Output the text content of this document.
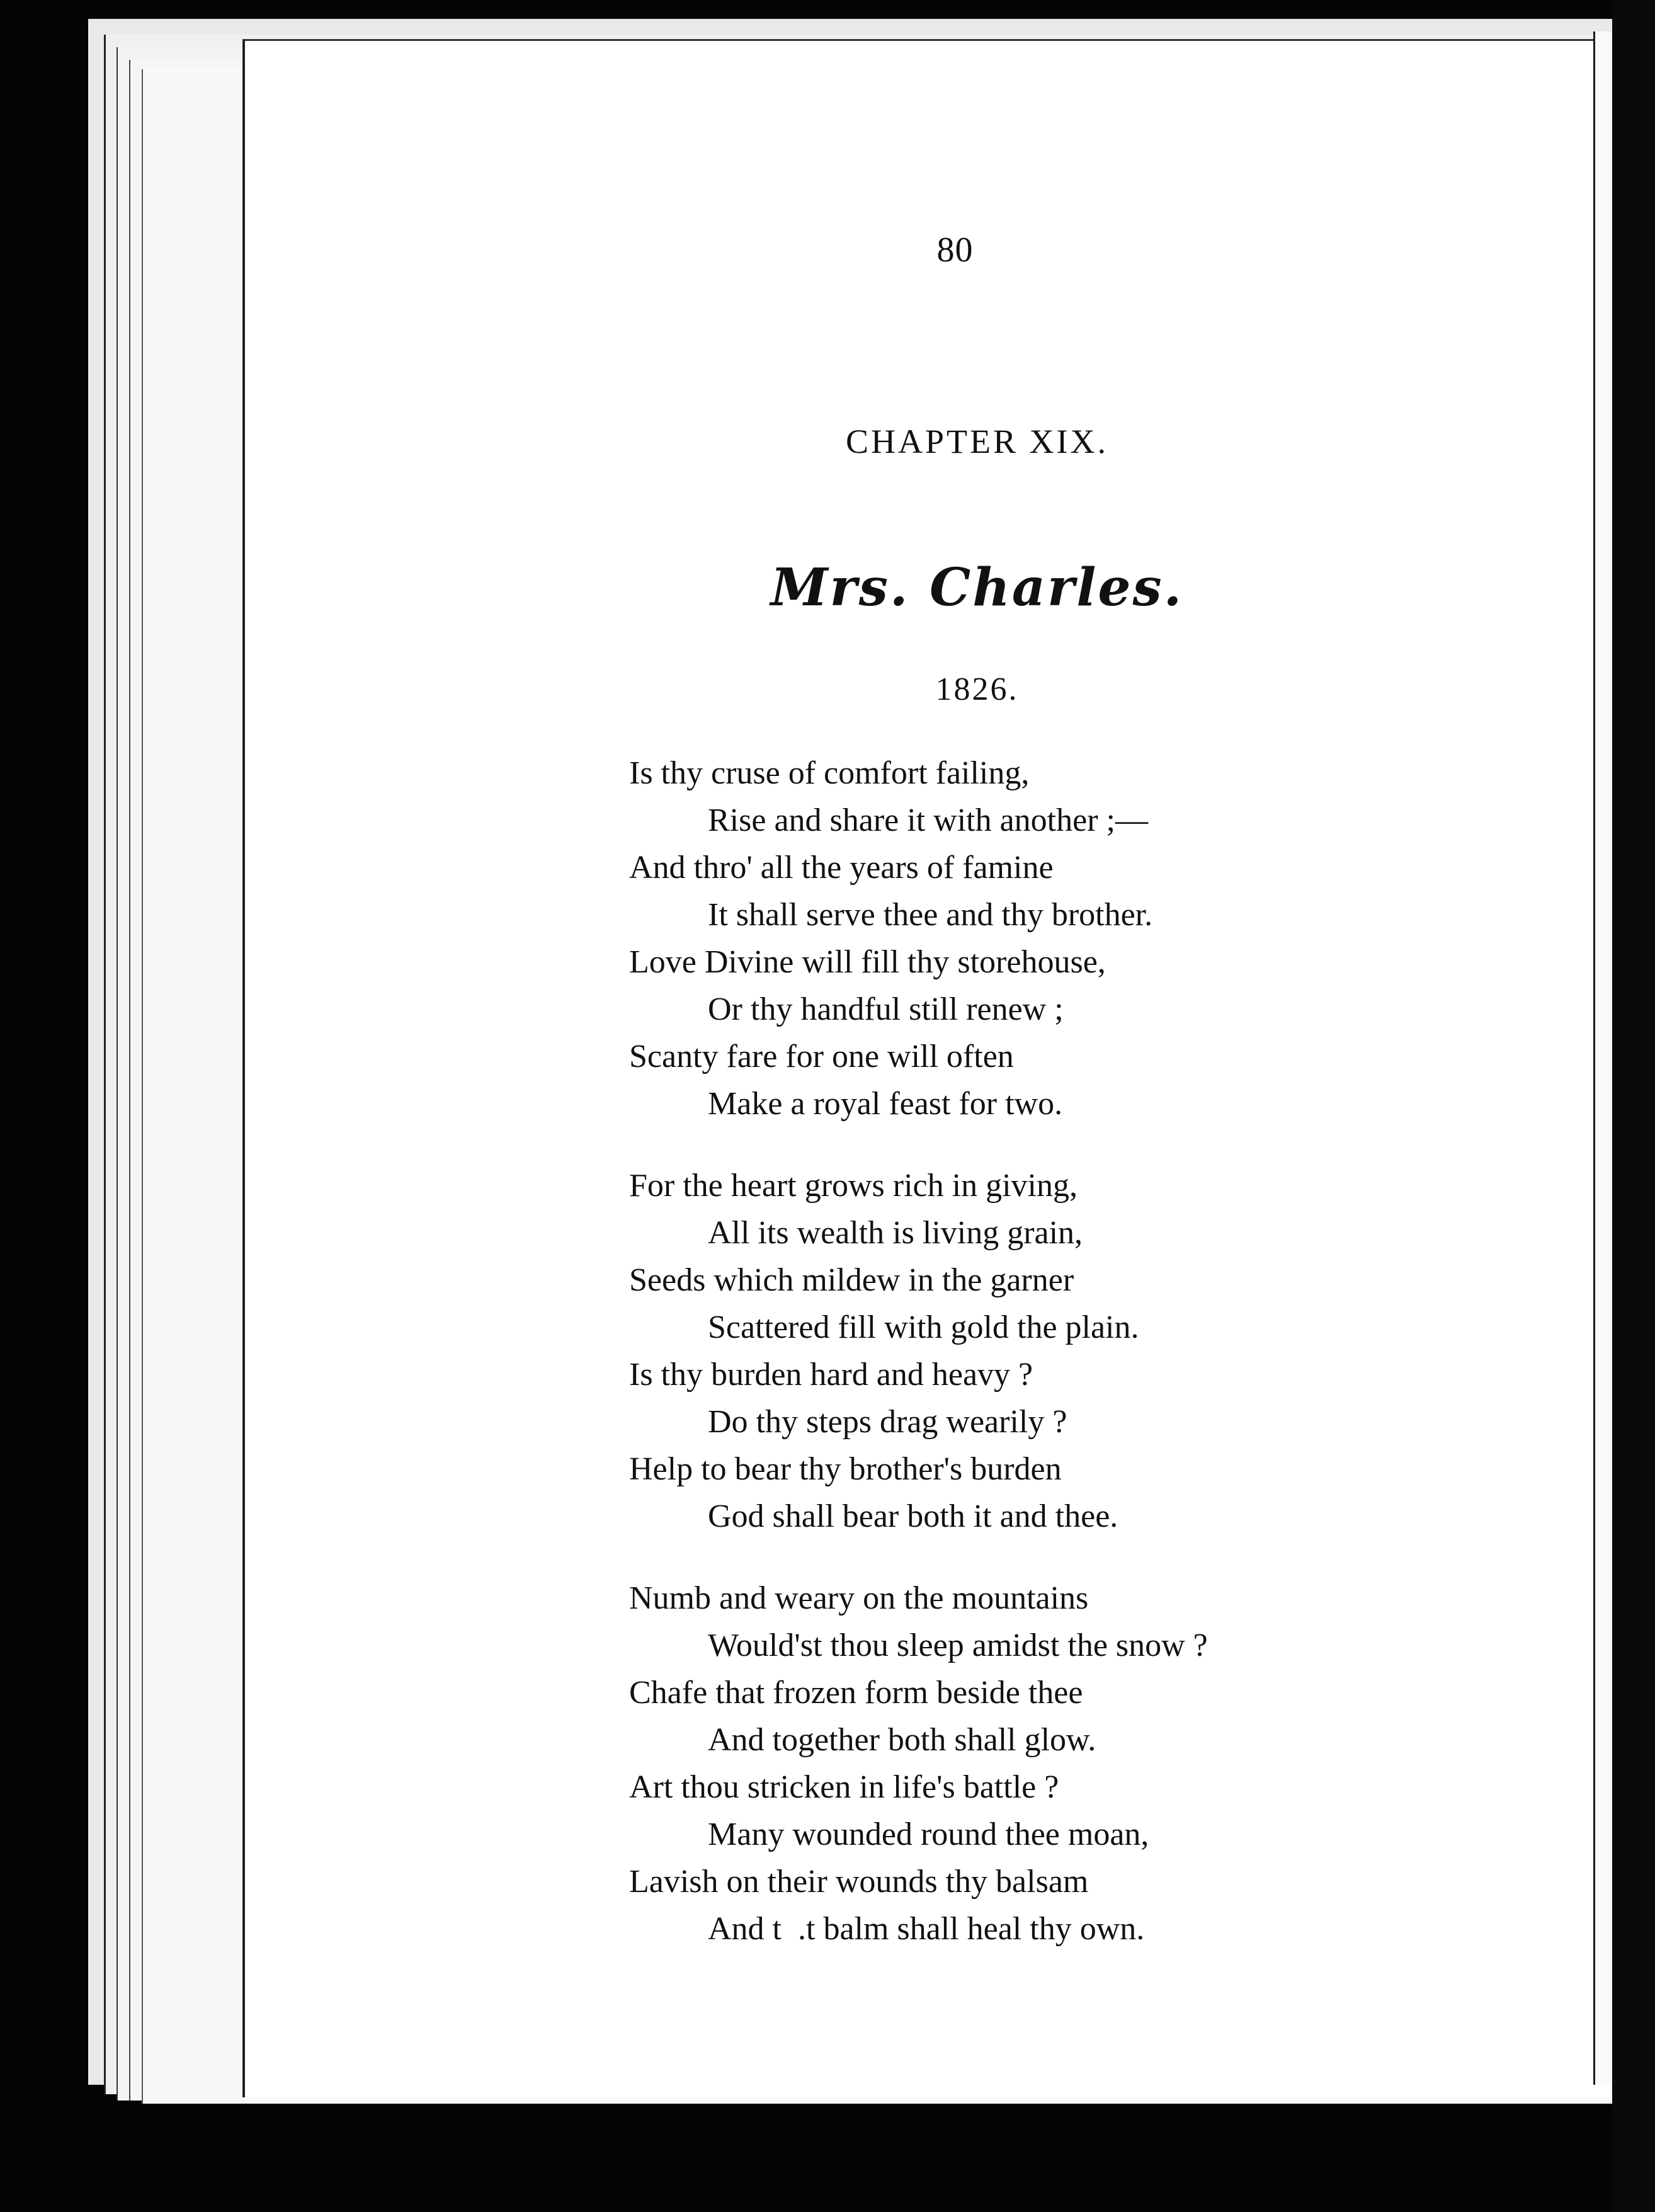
80
CHAPTER XIX.
Mrs. Charles.
1826.
Is thy cruse of comfort failing,
Rise and share it with another ;—
And thro' all the years of famine
It shall serve thee and thy brother.
Love Divine will fill thy storehouse,
Or thy handful still renew ;
Scanty fare for one will often
Make a royal feast for two.
For the heart grows rich in giving,
All its wealth is living grain,
Seeds which mildew in the garner
Scattered fill with gold the plain.
Is thy burden hard and heavy ?
Do thy steps drag wearily ?
Help to bear thy brother's burden
God shall bear both it and thee.
Numb and weary on the mountains
Would'st thou sleep amidst the snow ?
Chafe that frozen form beside thee
And together both shall glow.
Art thou stricken in life's battle ?
Many wounded round thee moan,
Lavish on their wounds thy balsam
And t  .t balm shall heal thy own.
